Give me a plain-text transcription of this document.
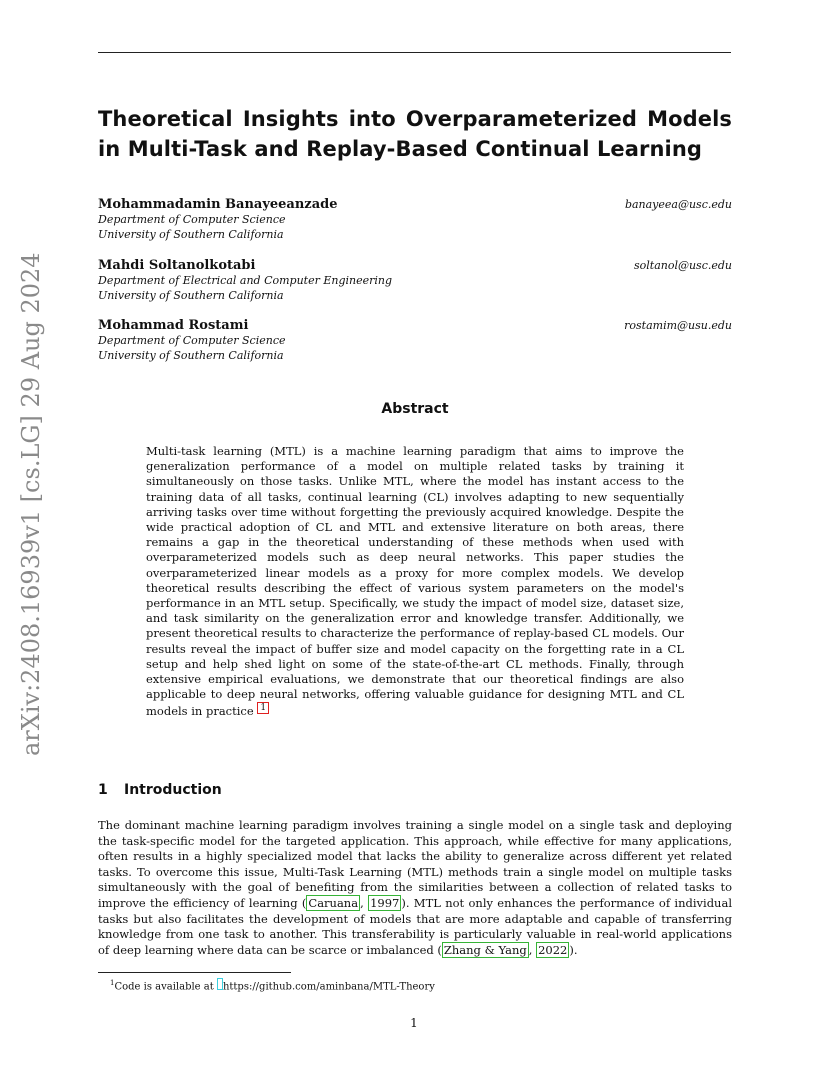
Theoretical Insights into Overparameterized Models in Multi-Task and Replay-Based Continual Learning
Mohammadamin Banayeeanzade	banayeea@usc.edu
Department of Computer Science
University of Southern California
Mahdi Soltanolkotabi	soltanol@usc.edu
Department of Electrical and Computer Engineering
University of Southern California
Mohammad Rostami	rostamim@usu.edu
Department of Computer Science
University of Southern California
arXiv:2408.16939v1 [cs.LG] 29 Aug 2024	Abstract

Multi-task learning (MTL) is a machine learning paradigm that aims to improve the generalization performance of a model on multiple related tasks by training it simultaneously on those tasks. Unlike MTL, where the model has instant access to the training data of all tasks, continual learning (CL) involves adapting to new sequentially arriving tasks over time without forgetting the previously acquired knowledge. Despite the wide practical adoption of CL and MTL and extensive literature on both areas, there remains a gap in the theoretical understanding of these methods when used with overparameterized models such as deep neural networks. This paper studies the overparameterized linear models as a proxy for more complex models. We develop theoretical results describing the effect of various system parameters on the model's performance in an MTL setup. Specifically, we study the impact of model size, dataset size, and task similarity on the generalization error and knowledge transfer. Additionally, we present theoretical results to characterize the performance of replay-based CL models. Our results reveal the impact of buffer size and model capacity on the forgetting rate in a CL setup and help shed light on some of the state-of-the-art CL methods. Finally, through extensive empirical evaluations, we demonstrate that our theoretical findings are also applicable to deep neural networks, offering valuable guidance for designing MTL and CL models in practice 1

1 Introduction

The dominant machine learning paradigm involves training a single model on a single task and deploying the task-specific model for the targeted application. This approach, while effective for many applications, often results in a highly specialized model that lacks the ability to generalize across different yet related tasks. To overcome this issue, Multi-Task Learning (MTL) methods train a single model on multiple tasks simultaneously with the goal of benefiting from the similarities between a collection of related tasks to improve the efficiency of learning ( Caruana , 1997 ). MTL not only enhances the performance of individual tasks but also facilitates the development of models that are more adaptable and capable of transferring knowledge from one task to another. This transferability is particularly valuable in real-world applications of deep learning where data can be scarce or imbalanced ( Zhang & Yang , 2022 ).

$^1$Code is available at https://github.com/aminbana/MTL-Theory

1
